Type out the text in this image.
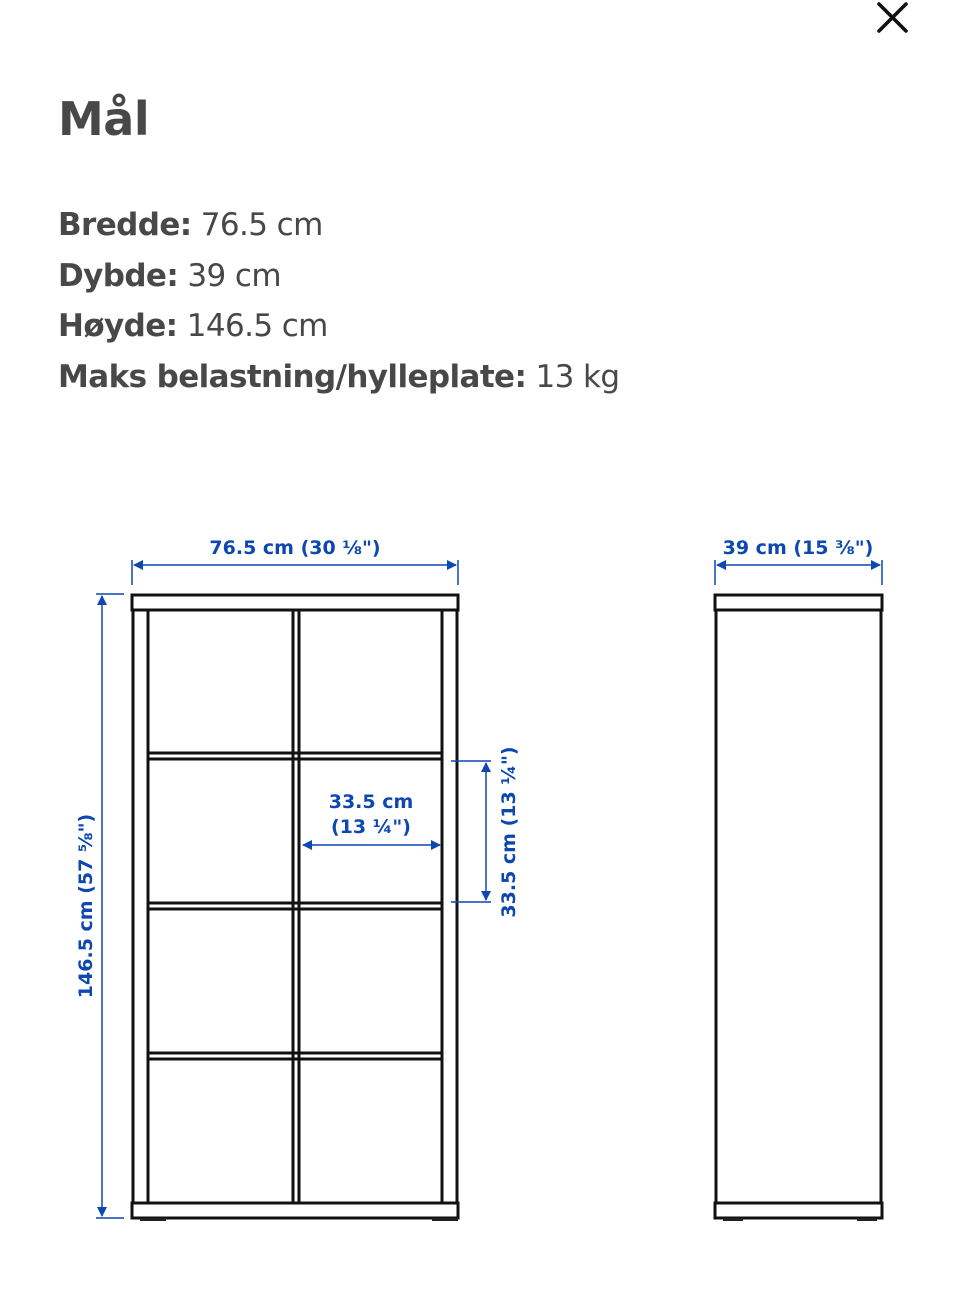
Mål
Bredde: 76.5 cm
Dybde: 39 cm
Høyde: 146.5 cm
Maks belastning/hylleplate: 13 kg
76.5 cm (30 ⅛")
146.5 cm (57 ⅝")
33.5 cm
(13 ¼")	33.5 cm (13 ¼")
39 cm (15 ⅜")
